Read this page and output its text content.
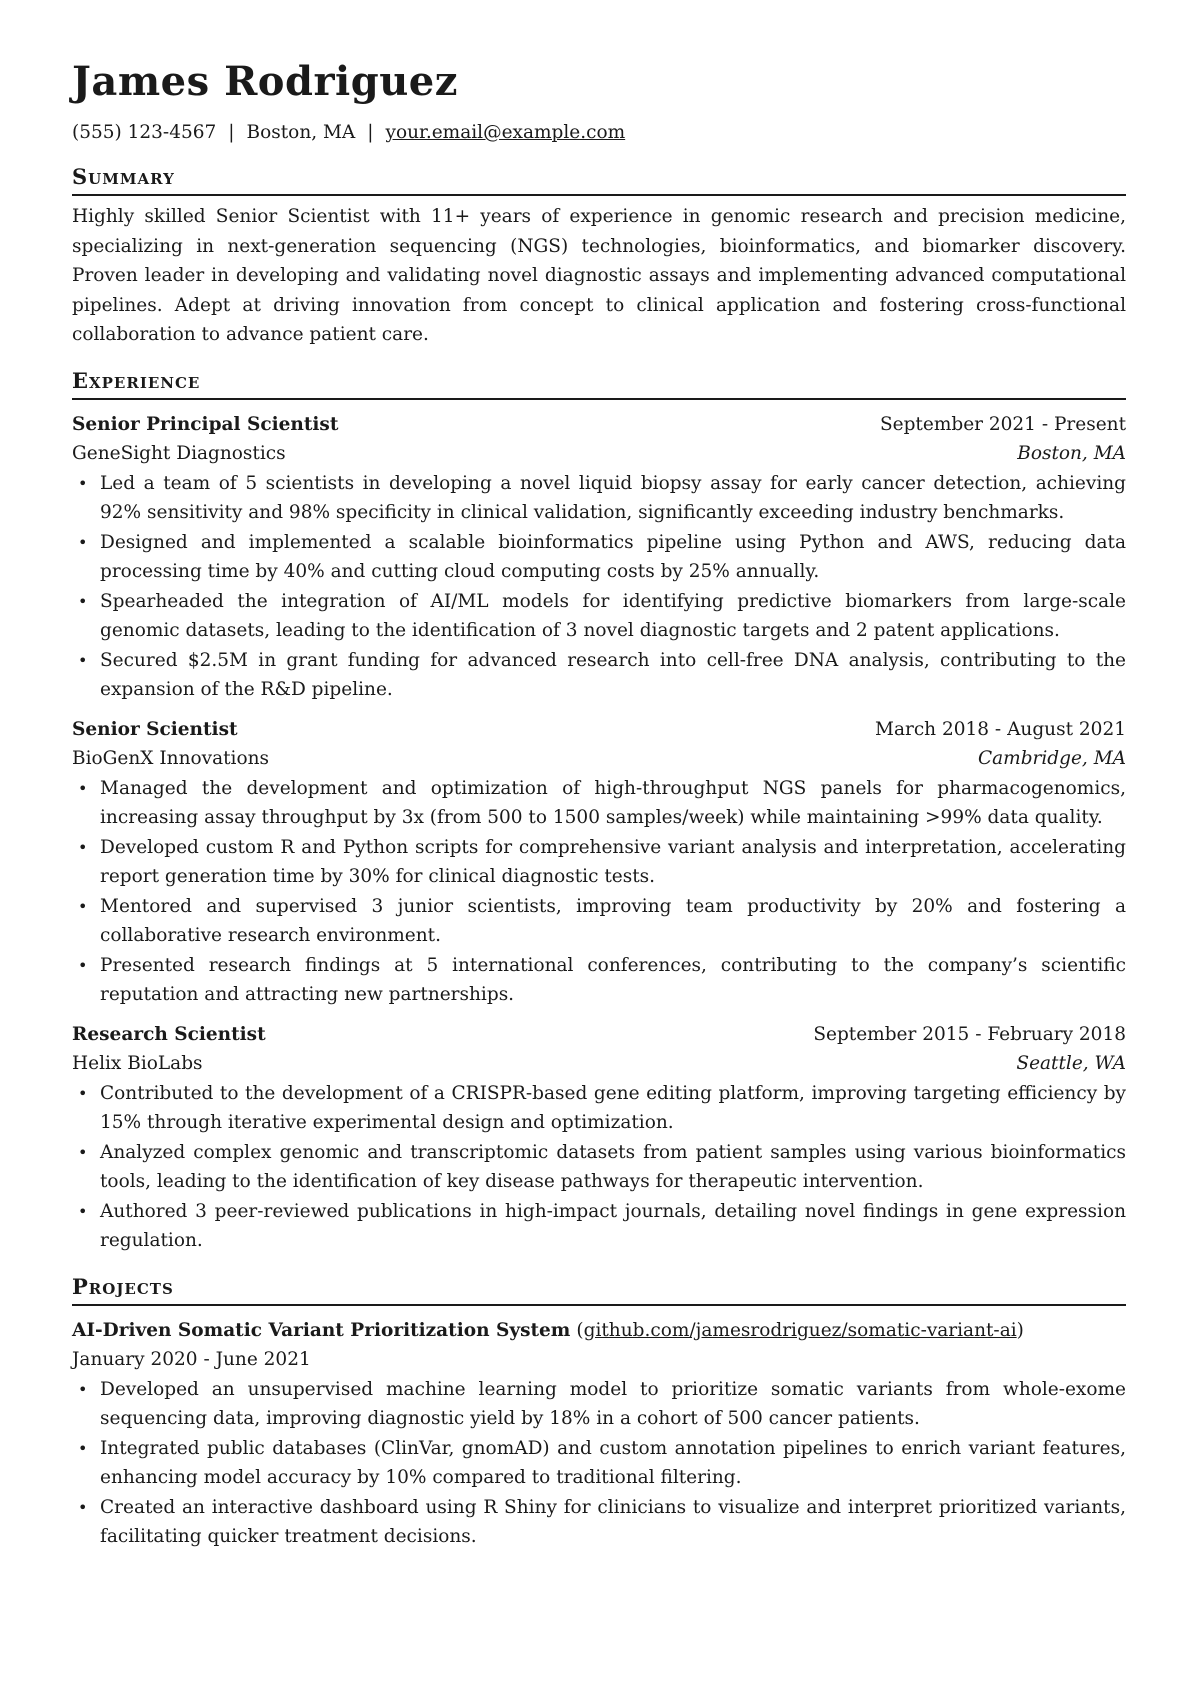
James Rodriguez
(555) 123-4567 | Boston, MA | your.email@example.com
Summary

Highly skilled Senior Scientist with 11+ years of experience in genomic research and precision medicine, specializing in next-generation sequencing (NGS) technologies, bioinformatics, and biomarker discovery. Proven leader in developing and validating novel diagnostic assays and implementing advanced computational pipelines. Adept at driving innovation from concept to clinical application and fostering cross-functional collaboration to advance patient care.

Experience
Senior Principal Scientist	September 2021 - Present
GeneSight Diagnostics	Boston, MA
• Led a team of 5 scientists in developing a novel liquid biopsy assay for early cancer detection, achieving 92% sensitivity and 98% specificity in clinical validation, significantly exceeding industry benchmarks.
• Designed and implemented a scalable bioinformatics pipeline using Python and AWS, reducing data processing time by 40% and cutting cloud computing costs by 25% annually.
• Spearheaded the integration of AI/ML models for identifying predictive biomarkers from large-scale genomic datasets, leading to the identification of 3 novel diagnostic targets and 2 patent applications.
• Secured $2.5M in grant funding for advanced research into cell-free DNA analysis, contributing to the expansion of the R&D pipeline.
Senior Scientist	March 2018 - August 2021
BioGenX Innovations	Cambridge, MA
• Managed the development and optimization of high-throughput NGS panels for pharmacogenomics, increasing assay throughput by 3x (from 500 to 1500 samples/week) while maintaining >99% data quality.
• Developed custom R and Python scripts for comprehensive variant analysis and interpretation, accelerating report generation time by 30% for clinical diagnostic tests.
• Mentored and supervised 3 junior scientists, improving team productivity by 20% and fostering a collaborative research environment.
• Presented research findings at 5 international conferences, contributing to the company’s scientific reputation and attracting new partnerships.
Research Scientist	September 2015 - February 2018
Helix BioLabs	Seattle, WA
• Contributed to the development of a CRISPR-based gene editing platform, improving targeting efficiency by 15% through iterative experimental design and optimization.
• Analyzed complex genomic and transcriptomic datasets from patient samples using various bioinformatics tools, leading to the identification of key disease pathways for therapeutic intervention.
• Authored 3 peer-reviewed publications in high-impact journals, detailing novel findings in gene expression regulation.
Projects
AI-Driven Somatic Variant Prioritization System (github.com/jamesrodriguez/somatic-variant-ai)
January 2020 - June 2021
• Developed an unsupervised machine learning model to prioritize somatic variants from whole-exome sequencing data, improving diagnostic yield by 18% in a cohort of 500 cancer patients.
• Integrated public databases (ClinVar, gnomAD) and custom annotation pipelines to enrich variant features, enhancing model accuracy by 10% compared to traditional filtering.
• Created an interactive dashboard using R Shiny for clinicians to visualize and interpret prioritized variants, facilitating quicker treatment decisions.
